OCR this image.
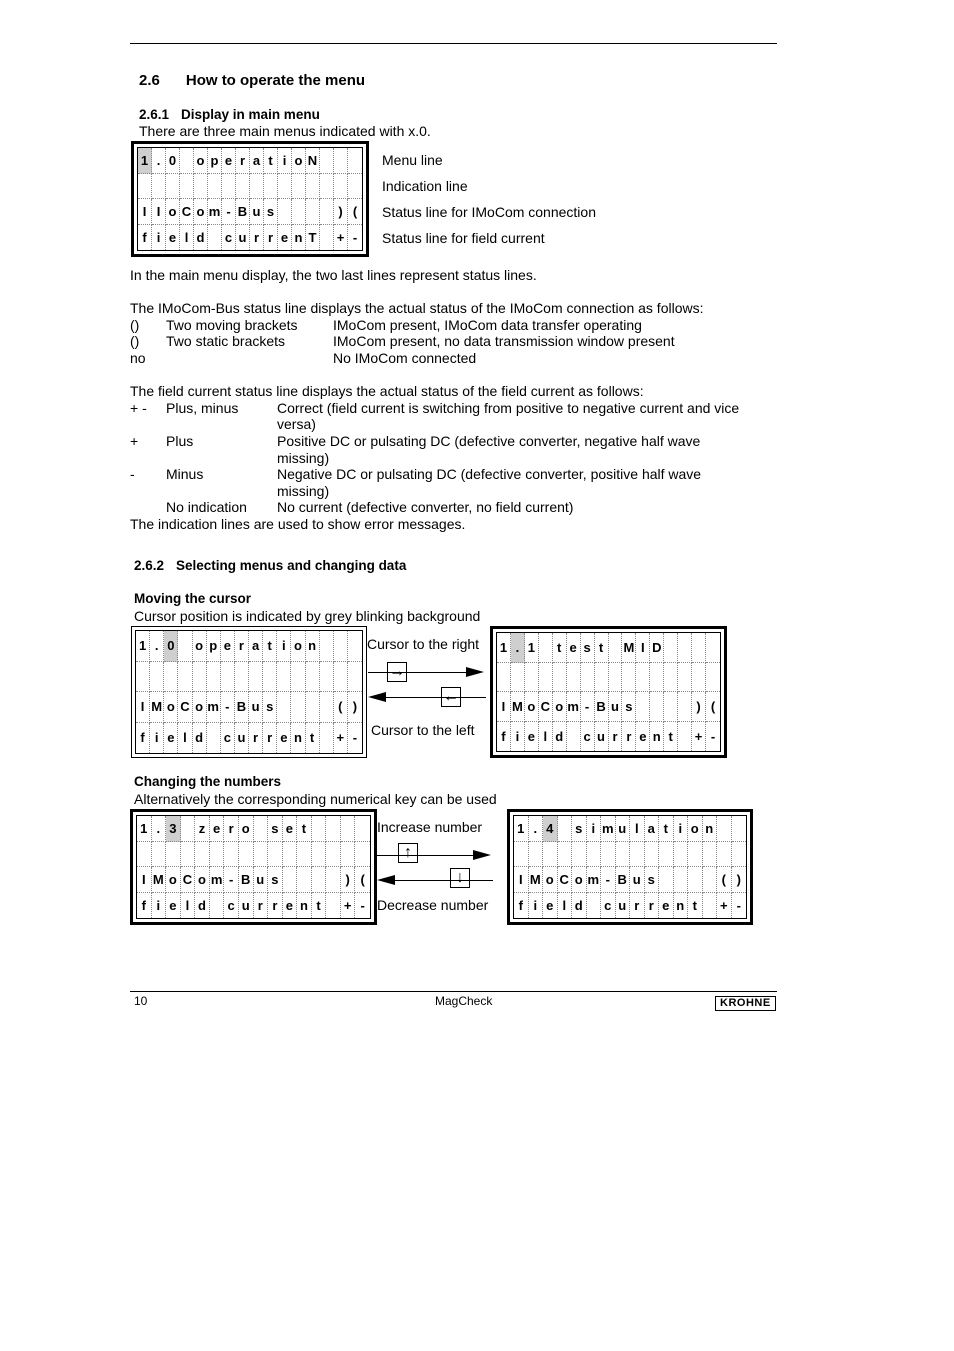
2.6 How to operate the menu
2.6.1 Display in main menu
There are three main menus indicated with x.0.
1 . 0 o p e r a t i o N
I I o C o m - B u s	) (
f i e l d c u r r e n T + -
Menu line
Indication line
Status line for IMoCom connection
Status line for field current
In the main menu display, the two last lines represent status lines.
The IMoCom-Bus status line displays the actual status of the IMoCom connection as follows:
() Two moving brackets	IMoCom present, IMoCom data transfer operating
() Two static brackets	IMoCom present, no data transmission window present
no	No IMoCom connected
The field current status line displays the actual status of the field current as follows:
+ - Plus, minus	Correct (field current is switching from positive to negative current and vice
versa)
+ Plus	Positive DC or pulsating DC (defective converter, negative half wave
missing)
- Minus	Negative DC or pulsating DC (defective converter, positive half wave
missing)
No indication No current (defective converter, no field current)
The indication lines are used to show error messages.
2.6.2 Selecting menus and changing data
Moving the cursor
Cursor position is indicated by grey blinking background
1 . 0	o p e r a t i o n
I M o C o m - B u s	( )
f i e l d c u r r e n t	+ -
1 . 1	t e s t	M I D
I M o C o m - B u s	) (
f i e l d c u r r e n t	+ -
Cursor to the right
→
←
Cursor to the left
Changing the numbers
Alternatively the corresponding numerical key can be used
1 . 3	z e r o s e t
I M o C o m - B u s	) (
f i e l d c u r r e n t	+ -
1 . 4	s i m u l a t i o n
I M o C o m - B u s	( )
f i e l d c u r r e n t	+ -
Increase number
↑
↓
Decrease number
10	MagCheck	KROHNE
